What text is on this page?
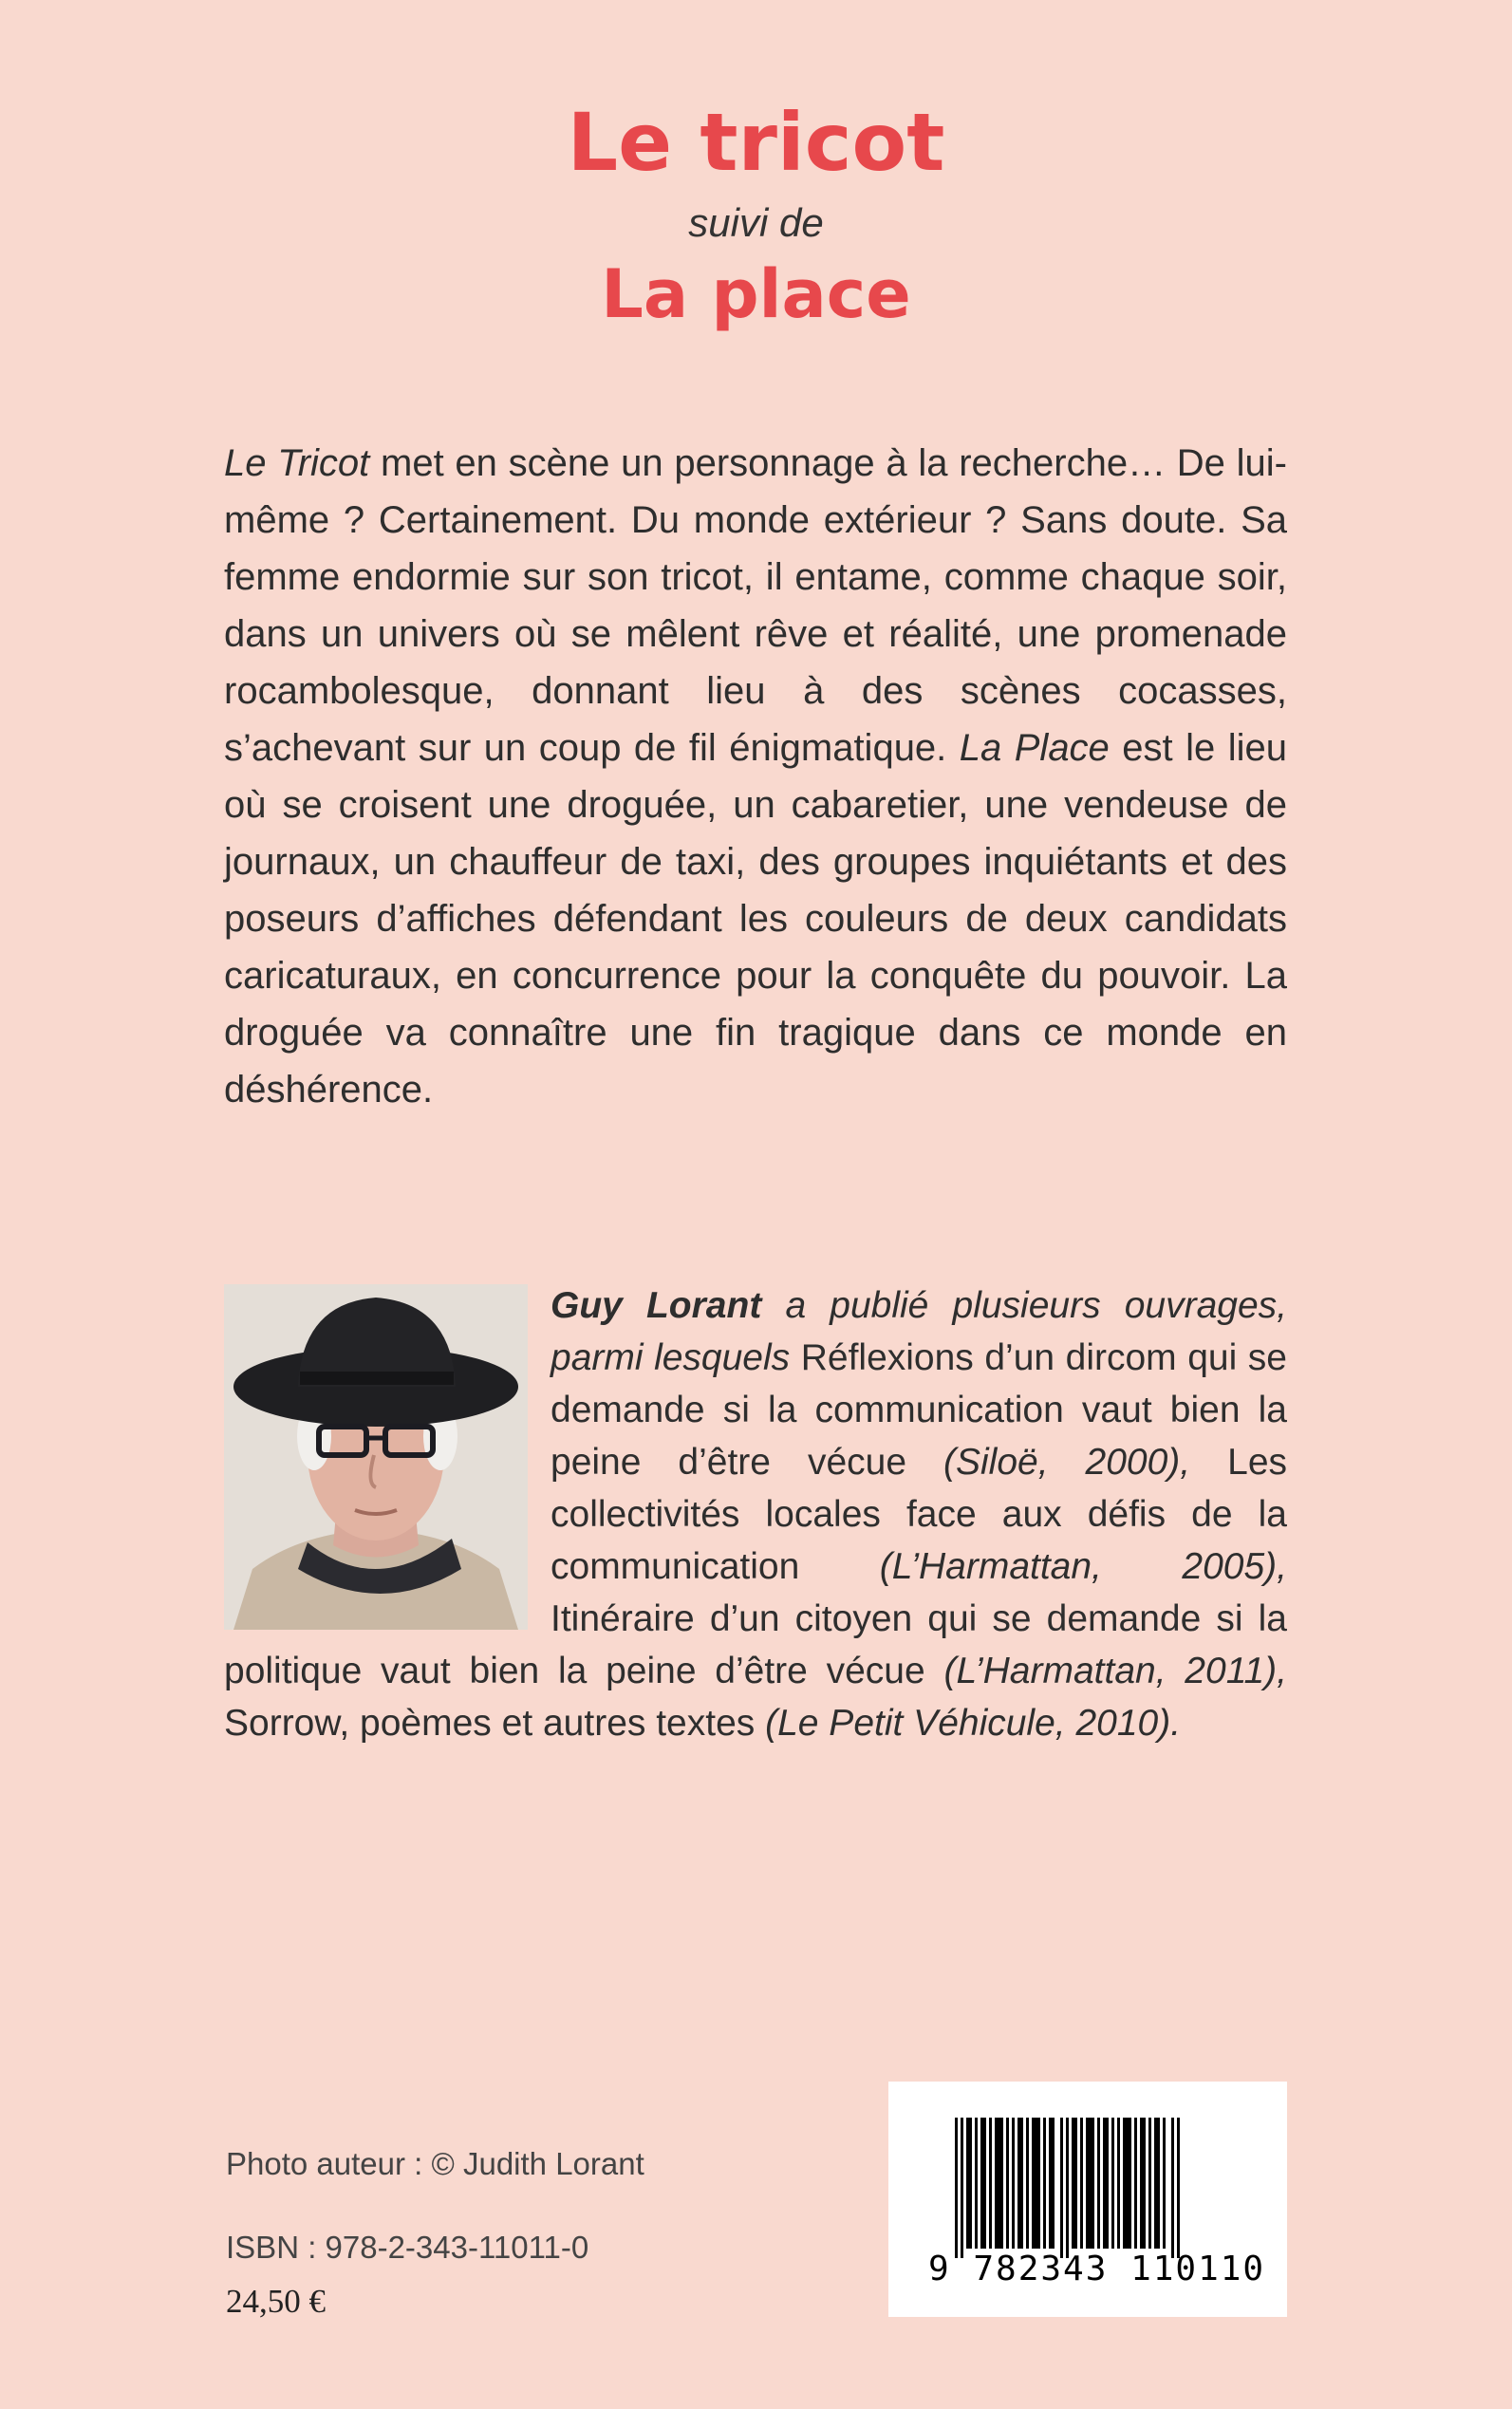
Le tricot

suivi de

La place

Le Tricot met en scène un personnage à la recherche… De lui-même ? Certainement. Du monde extérieur ? Sans doute. Sa femme endormie sur son tricot, il entame, comme chaque soir, dans un univers où se mêlent rêve et réalité, une promenade rocambolesque, donnant lieu à des scènes cocasses, s’achevant sur un coup de fil énigmatique. La Place est le lieu où se croisent une droguée, un cabaretier, une vendeuse de journaux, un chauffeur de taxi, des groupes inquiétants et des poseurs d’affiches défendant les couleurs de deux candidats caricaturaux, en concurrence pour la conquête du pouvoir. La droguée va connaître une fin tragique dans ce monde en déshérence.

Guy Lorant a publié plusieurs ouvrages, parmi lesquels Réflexions d’un dircom qui se demande si la communication vaut bien la peine d’être vécue (Siloë, 2000), Les collectivités locales face aux défis de la communication (L’Harmattan, 2005), Itinéraire d’un citoyen qui se demande si la politique vaut bien la peine d’être vécue (L’Harmattan, 2011), Sorrow, poèmes et autres textes (Le Petit Véhicule, 2010).

Photo auteur : © Judith Lorant

ISBN : 978-2-343-11011-0

24,50 €

9 782343 110110
